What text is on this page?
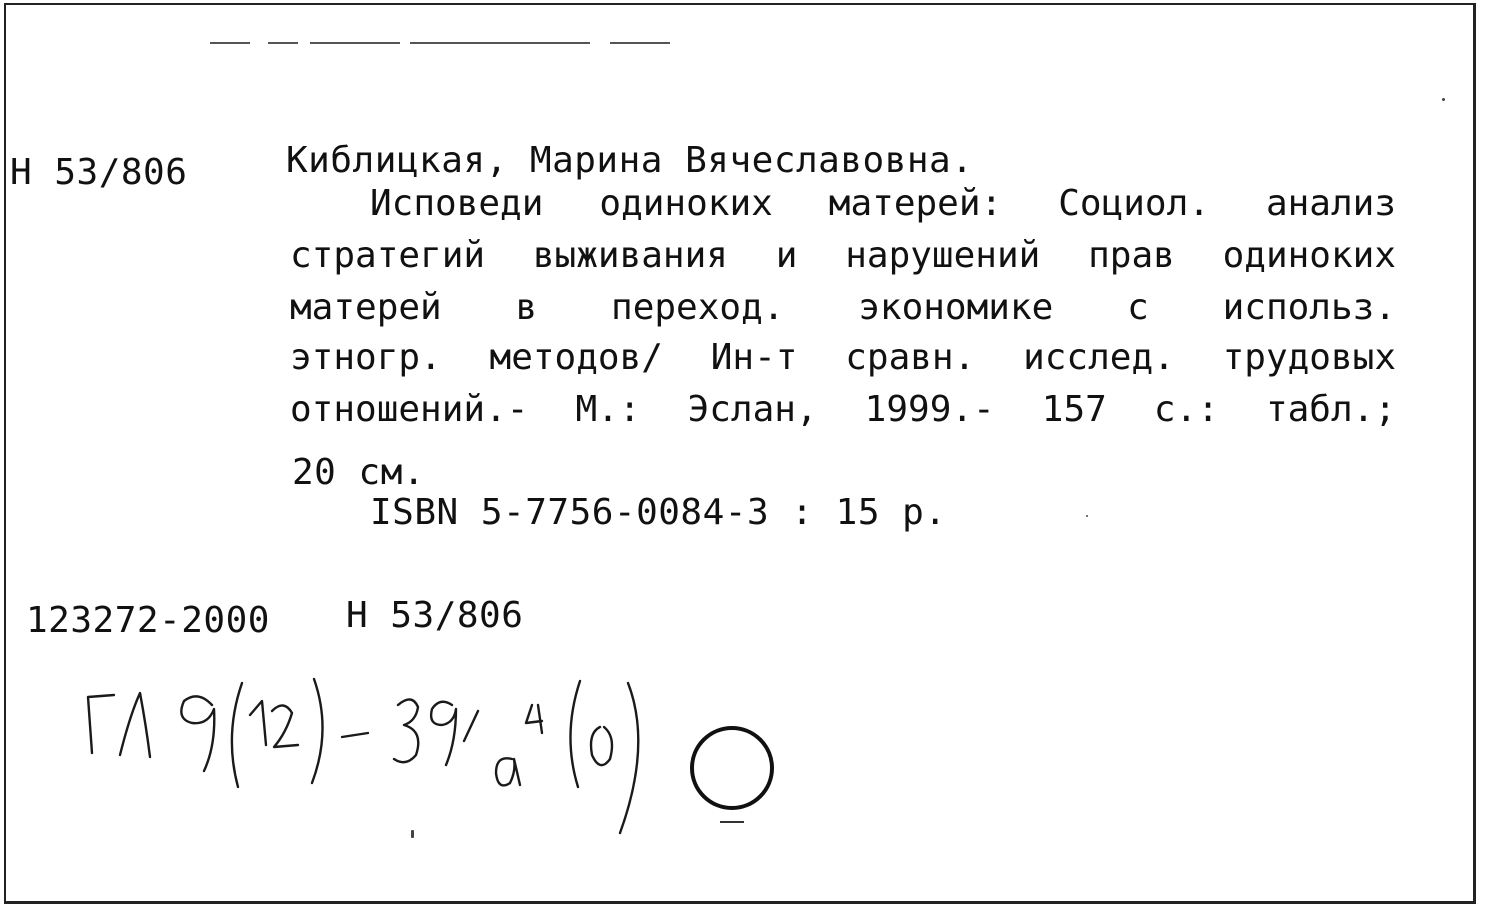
Н 53/806	Киблицкая, Марина Вячеславовна.
Исповеди одиноких матерей: Социол. анализ
стратегий выживания и нарушений прав одиноких
матерей в переход. экономике с использ.
этногр. методов/ Ин-т сравн. исслед. трудовых
отношений.- М.: Эслан, 1999.- 157 с.: табл.;
20 см.
ISBN 5-7756-0084-3 : 15 р.
123272-2000 Н 53/806
